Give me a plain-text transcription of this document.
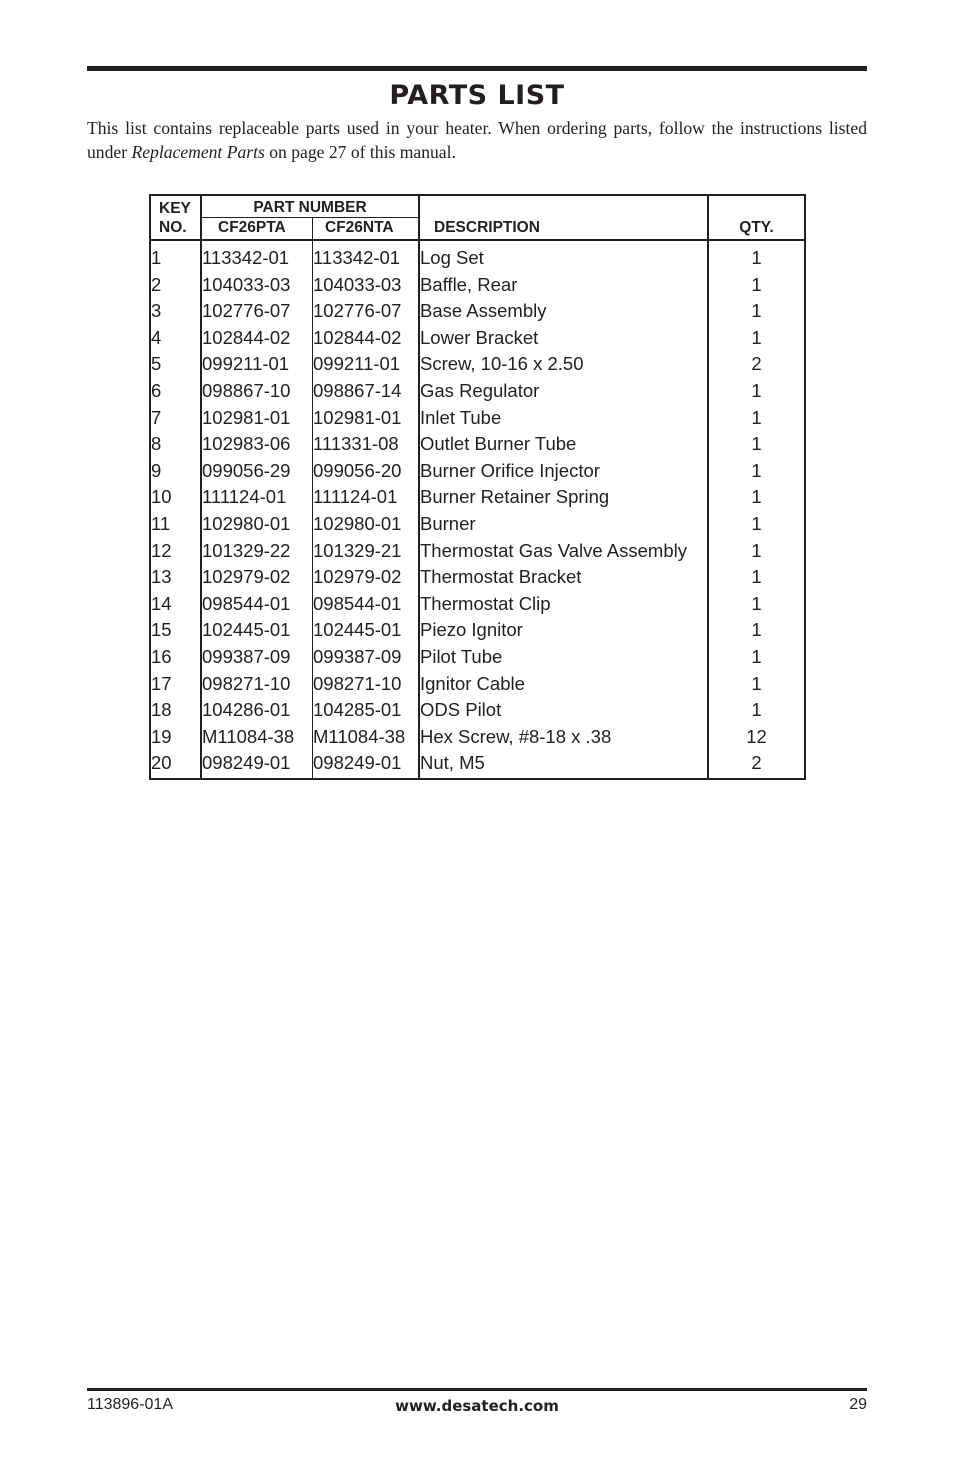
PARTS LIST

This list contains replaceable parts used in your heater. When ordering parts, follow the instructions listed under Replacement Parts on page 27 of this manual.

KEY
NO.	PART NUMBER		DESCRIPTION	QTY.
	CF26PTA	CF26NTA		
1	113342-01	113342-01	Log Set	1
2	104033-03	104033-03	Baffle, Rear	1
3	102776-07	102776-07	Base Assembly	1
4	102844-02	102844-02	Lower Bracket	1
5	099211-01	099211-01	Screw, 10-16 x 2.50	2
6	098867-10	098867-14	Gas Regulator	1
7	102981-01	102981-01	Inlet Tube	1
8	102983-06	111331-08	Outlet Burner Tube	1
9	099056-29	099056-20	Burner Orifice Injector	1
10	111124-01	111124-01	Burner Retainer Spring	1
11	102980-01	102980-01	Burner	1
12	101329-22	101329-21	Thermostat Gas Valve Assembly	1
13	102979-02	102979-02	Thermostat Bracket	1
14	098544-01	098544-01	Thermostat Clip	1
15	102445-01	102445-01	Piezo Ignitor	1
16	099387-09	099387-09	Pilot Tube	1
17	098271-10	098271-10	Ignitor Cable	1
18	104286-01	104285-01	ODS Pilot	1
19	M11084-38	M11084-38	Hex Screw, #8-18 x .38	12
20	098249-01	098249-01	Nut, M5	2
113896-01A	www.desatech.com	29
